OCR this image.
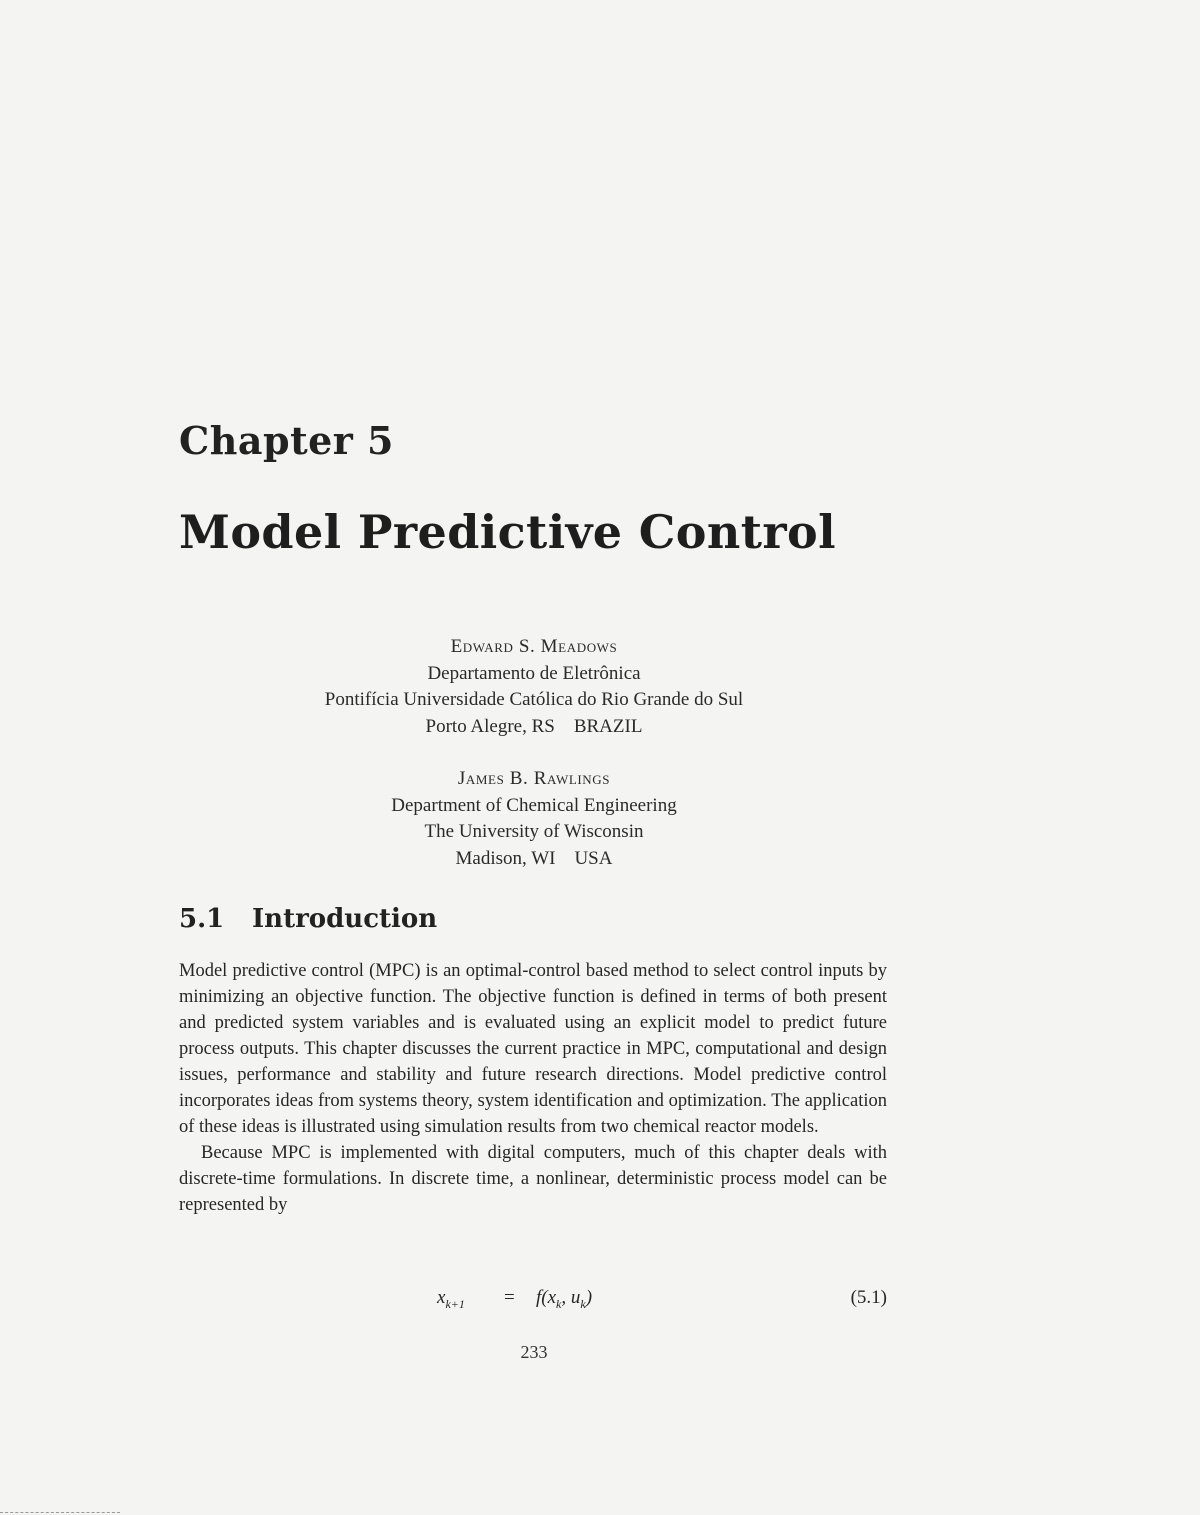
Chapter 5
Model Predictive Control
Edward S. Meadows
Departamento de Eletrônica
Pontifícia Universidade Católica do Rio Grande do Sul
Porto Alegre, RS    BRAZIL
James B. Rawlings
Department of Chemical Engineering
The University of Wisconsin
Madison, WI    USA
5.1 Introduction

Model predictive control (MPC) is an optimal-control based method to select control inputs by minimizing an objective function. The objective function is defined in terms of both present and predicted system variables and is evaluated using an explicit model to predict future process outputs. This chapter discusses the current practice in MPC, computational and design issues, performance and stability and future research directions. Model predictive control incorporates ideas from systems theory, system identification and optimization. The application of these ideas is illustrated using simulation results from two chemical reactor models.

Because MPC is implemented with digital computers, much of this chapter deals with discrete-time formulations. In discrete time, a nonlinear, deterministic process model can be represented by

$x_{k+1} = f(x_k$, $u_k$)	(5.1)
233
